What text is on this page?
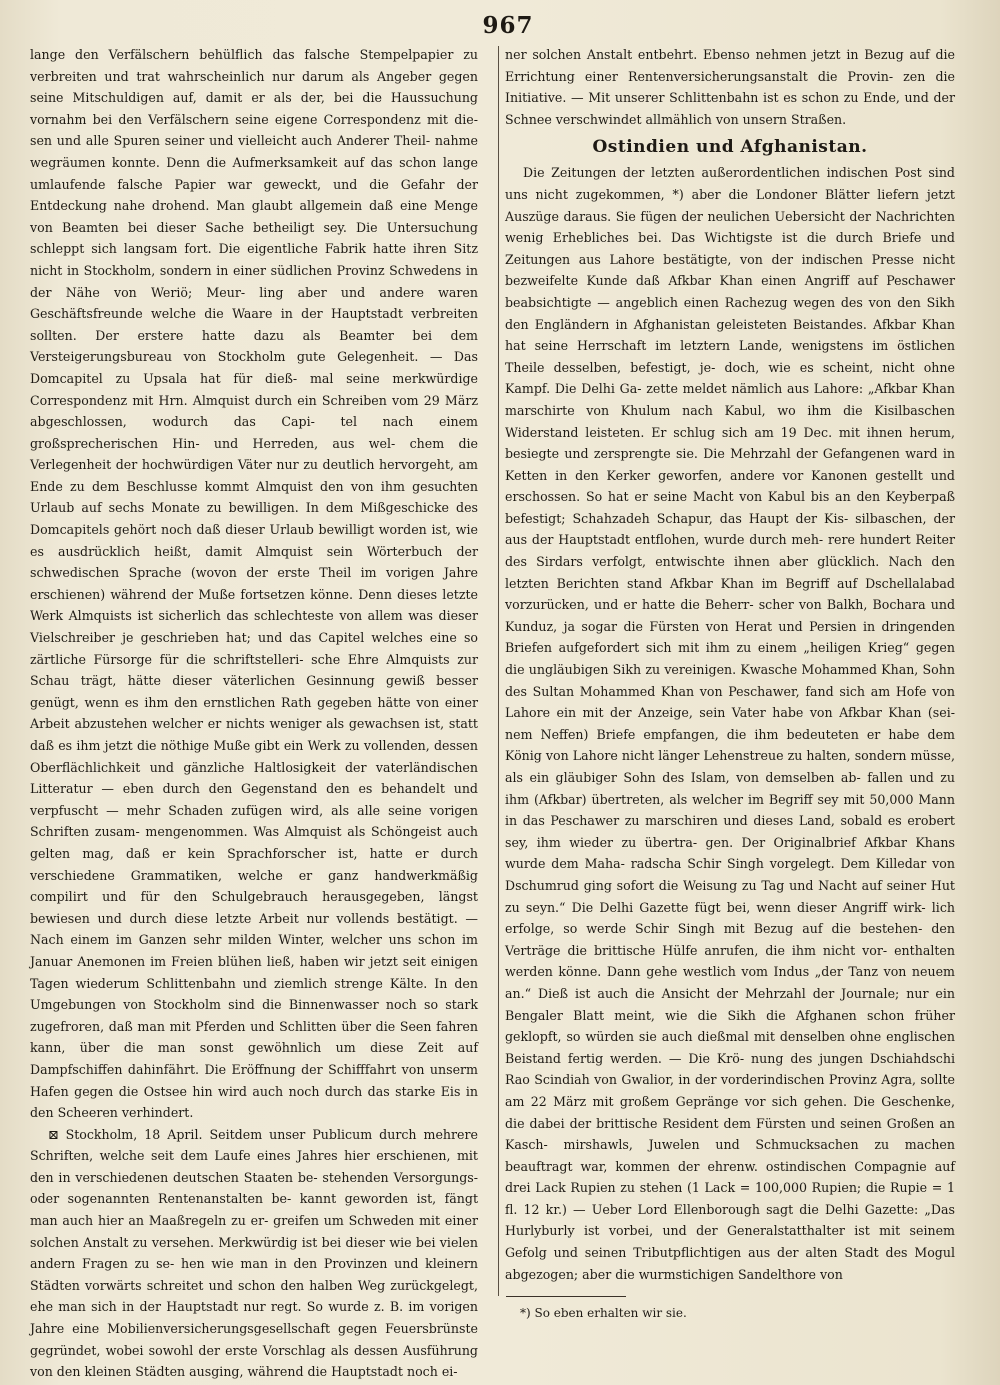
967

lange den Verfälschern behülflich das falsche Stempelpapier zu verbreiten und trat wahrscheinlich nur darum als Angeber gegen seine Mitschuldigen auf, damit er als der, bei die Haussuchung vornahm bei den Verfälschern seine eigene Correspondenz mit die- sen und alle Spuren seiner und vielleicht auch Anderer Theil- nahme wegräumen konnte. Denn die Aufmerksamkeit auf das schon lange umlaufende falsche Papier war geweckt, und die Gefahr der Entdeckung nahe drohend. Man glaubt allgemein daß eine Menge von Beamten bei dieser Sache betheiligt sey. Die Untersuchung schleppt sich langsam fort. Die eigentliche Fabrik hatte ihren Sitz nicht in Stockholm, sondern in einer südlichen Provinz Schwedens in der Nähe von Weriö; Meur- ling aber und andere waren Geschäftsfreunde welche die Waare in der Hauptstadt verbreiten sollten. Der erstere hatte dazu als Beamter bei dem Versteigerungsbureau von Stockholm gute Gelegenheit. — Das Domcapitel zu Upsala hat für dieß- mal seine merkwürdige Correspondenz mit Hrn. Almquist durch ein Schreiben vom 29 März abgeschlossen, wodurch das Capi- tel nach einem großsprecherischen Hin- und Herreden, aus wel- chem die Verlegenheit der hochwürdigen Väter nur zu deutlich hervorgeht, am Ende zu dem Beschlusse kommt Almquist den von ihm gesuchten Urlaub auf sechs Monate zu bewilligen. In dem Mißgeschicke des Domcapitels gehört noch daß dieser Urlaub bewilligt worden ist, wie es ausdrücklich heißt, damit Almquist sein Wörterbuch der schwedischen Sprache (wovon der erste Theil im vorigen Jahre erschienen) während der Muße fortsetzen könne. Denn dieses letzte Werk Almquists ist sicherlich das schlechteste von allem was dieser Vielschreiber je geschrieben hat; und das Capitel welches eine so zärtliche Fürsorge für die schriftstelleri- sche Ehre Almquists zur Schau trägt, hätte dieser väterlichen Gesinnung gewiß besser genügt, wenn es ihm den ernstlichen Rath gegeben hätte von einer Arbeit abzustehen welcher er nichts weniger als gewachsen ist, statt daß es ihm jetzt die nöthige Muße gibt ein Werk zu vollenden, dessen Oberflächlichkeit und gänzliche Haltlosigkeit der vaterländischen Litteratur — eben durch den Gegenstand den es behandelt und verpfuscht — mehr Schaden zufügen wird, als alle seine vorigen Schriften zusam- mengenommen. Was Almquist als Schöngeist auch gelten mag, daß er kein Sprachforscher ist, hatte er durch verschiedene Grammatiken, welche er ganz handwerkmäßig compilirt und für den Schulgebrauch herausgegeben, längst bewiesen und durch diese letzte Arbeit nur vollends bestätigt. — Nach einem im Ganzen sehr milden Winter, welcher uns schon im Januar Anemonen im Freien blühen ließ, haben wir jetzt seit einigen Tagen wiederum Schlittenbahn und ziemlich strenge Kälte. In den Umgebungen von Stockholm sind die Binnenwasser noch so stark zugefroren, daß man mit Pferden und Schlitten über die Seen fahren kann, über die man sonst gewöhnlich um diese Zeit auf Dampfschiffen dahinfährt. Die Eröffnung der Schifffahrt von unserm Hafen gegen die Ostsee hin wird auch noch durch das starke Eis in den Scheeren verhindert.

⊠ Stockholm, 18 April. Seitdem unser Publicum durch mehrere Schriften, welche seit dem Laufe eines Jahres hier erschienen, mit den in verschiedenen deutschen Staaten be- stehenden Versorgungs- oder sogenannten Rentenanstalten be- kannt geworden ist, fängt man auch hier an Maaßregeln zu er- greifen um Schweden mit einer solchen Anstalt zu versehen. Merkwürdig ist bei dieser wie bei vielen andern Fragen zu se- hen wie man in den Provinzen und kleinern Städten vorwärts schreitet und schon den halben Weg zurückgelegt, ehe man sich in der Hauptstadt nur regt. So wurde z. B. im vorigen Jahre eine Mobilienversicherungsgesellschaft gegen Feuersbrünste gegründet, wobei sowohl der erste Vorschlag als dessen Ausführung von den kleinen Städten ausging, während die Hauptstadt noch ei-

ner solchen Anstalt entbehrt. Ebenso nehmen jetzt in Bezug auf die Errichtung einer Rentenversicherungsanstalt die Provin- zen die Initiative. — Mit unserer Schlittenbahn ist es schon zu Ende, und der Schnee verschwindet allmählich von unsern Straßen.

Ostindien und Afghanistan.

Die Zeitungen der letzten außerordentlichen indischen Post sind uns nicht zugekommen, *) aber die Londoner Blätter liefern jetzt Auszüge daraus. Sie fügen der neulichen Uebersicht der Nachrichten wenig Erhebliches bei. Das Wichtigste ist die durch Briefe und Zeitungen aus Lahore bestätigte, von der indischen Presse nicht bezweifelte Kunde daß Afkbar Khan einen Angriff auf Peschawer beabsichtigte — angeblich einen Rachezug wegen des von den Sikh den Engländern in Afghanistan geleisteten Beistandes. Afkbar Khan hat seine Herrschaft im letztern Lande, wenigstens im östlichen Theile desselben, befestigt, je- doch, wie es scheint, nicht ohne Kampf. Die Delhi Ga- zette meldet nämlich aus Lahore: „Afkbar Khan marschirte von Khulum nach Kabul, wo ihm die Kisilbaschen Widerstand leisteten. Er schlug sich am 19 Dec. mit ihnen herum, besiegte und zersprengte sie. Die Mehrzahl der Gefangenen ward in Ketten in den Kerker geworfen, andere vor Kanonen gestellt und erschossen. So hat er seine Macht von Kabul bis an den Keyberpaß befestigt; Schahzadeh Schapur, das Haupt der Kis- silbaschen, der aus der Hauptstadt entflohen, wurde durch meh- rere hundert Reiter des Sirdars verfolgt, entwischte ihnen aber glücklich. Nach den letzten Berichten stand Afkbar Khan im Begriff auf Dschellalabad vorzurücken, und er hatte die Beherr- scher von Balkh, Bochara und Kunduz, ja sogar die Fürsten von Herat und Persien in dringenden Briefen aufgefordert sich mit ihm zu einem „heiligen Krieg“ gegen die ungläubigen Sikh zu vereinigen. Kwasche Mohammed Khan, Sohn des Sultan Mohammed Khan von Peschawer, fand sich am Hofe von Lahore ein mit der Anzeige, sein Vater habe von Afkbar Khan (sei- nem Neffen) Briefe empfangen, die ihm bedeuteten er habe dem König von Lahore nicht länger Lehenstreue zu halten, sondern müsse, als ein gläubiger Sohn des Islam, von demselben ab- fallen und zu ihm (Afkbar) übertreten, als welcher im Begriff sey mit 50,000 Mann in das Peschawer zu marschiren und dieses Land, sobald es erobert sey, ihm wieder zu übertra- gen. Der Originalbrief Afkbar Khans wurde dem Maha- radscha Schir Singh vorgelegt. Dem Killedar von Dschumrud ging sofort die Weisung zu Tag und Nacht auf seiner Hut zu seyn.“ Die Delhi Gazette fügt bei, wenn dieser Angriff wirk- lich erfolge, so werde Schir Singh mit Bezug auf die bestehen- den Verträge die brittische Hülfe anrufen, die ihm nicht vor- enthalten werden könne. Dann gehe westlich vom Indus „der Tanz von neuem an.“ Dieß ist auch die Ansicht der Mehrzahl der Journale; nur ein Bengaler Blatt meint, wie die Sikh die Afghanen schon früher geklopft, so würden sie auch dießmal mit denselben ohne englischen Beistand fertig werden. — Die Krö- nung des jungen Dschiahdschi Rao Scindiah von Gwalior, in der vorderindischen Provinz Agra, sollte am 22 März mit großem Gepränge vor sich gehen. Die Geschenke, die dabei der brittische Resident dem Fürsten und seinen Großen an Kasch- mirshawls, Juwelen und Schmucksachen zu machen beauftragt war, kommen der ehrenw. ostindischen Compagnie auf drei Lack Rupien zu stehen (1 Lack = 100,000 Rupien; die Rupie = 1 fl. 12 kr.) — Ueber Lord Ellenborough sagt die Delhi Gazette: „Das Hurlyburly ist vorbei, und der Generalstatthalter ist mit seinem Gefolg und seinen Tributpflichtigen aus der alten Stadt des Mogul abgezogen; aber die wurmstichigen Sandelthore von

*) So eben erhalten wir sie.
